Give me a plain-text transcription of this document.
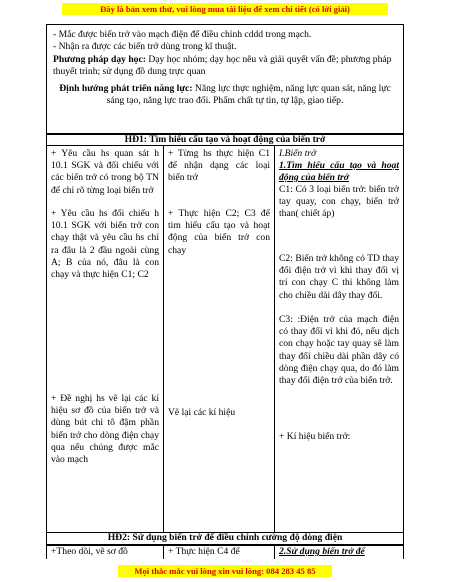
Đây là bản xem thử, vui lòng mua tài liệu để xem chi tiết (có lời giải)

- Mắc được biến trở vào mạch điện để điều chỉnh cddd trong mạch.

- Nhận ra được các biến trở dùng trong kĩ thuật.

Phương pháp dạy học: Dạy học nhóm; dạy học nêu và giải quyết vấn đề; phương pháp thuyết trình; sử dụng đồ dung trực quan

Định hướng phát triển năng lực: Năng lực thực nghiệm, năng lực quan sát, năng lực sáng tạo, năng lực trao đổi. Phẩm chất tự tin, tự lập, giao tiếp.

HĐ1: Tìm hiểu cấu tạo và hoạt động của biến trở
+ Yêu cầu hs quan sát h 10.1 SGK và đối chiếu với các biến trở có trong bộ TN để chỉ rõ từng loại biến trở
+ Yêu cầu hs đối chiếu h 10.1 SGK với biến trở con chạy thật và yêu cầu hs chỉ ra đâu là 2 đầu ngoài cùng A; B của nó, đâu là con chạy và thực hiện C1; C2
+ Đề nghị hs vẽ lại các kí hiệu sơ đồ của biến trở và dùng bút chì tô đậm phần biến trở cho dòng điện chạy qua nếu chúng được mắc vào mạch
+ Từng hs thực hiện C1 để nhận dạng các loại biến trở
+ Thực hiện C2; C3 để tìm hiểu cấu tạo và hoạt động của biến trở con chạy
Vẽ lại các kí hiệu
I.Biến trở
1.Tìm hiểu cấu tạo và hoạt động của biến trở
C1: Có 3 loại biến trở: biến trở tay quay, con chạy, biến trở than( chiết áp)
C2: Biến trở không có TD thay đổi điện trở vì khi thay đổi vị trí con chạy C thì không làm cho chiều dài dây thay đổi.
C3: :Điện trở của mạch điện có thay đổi vì khi đó, nếu dịch con chạy hoặc tay quay sẽ làm thay đổi chiều dài phần dây có dòng điện chạy qua, do đó làm thay đổi điện trở của biến trở.
+ Kí hiệu biến trở:
HĐ2: Sử dụng biến trở để điều chỉnh cường độ dòng điện
+Theo dõi, vẽ sơ đồ	+ Thực hiện C4 để	2.Sử dụng biến trở để
Mọi thắc mắc vui lòng xin vui lòng: 084 283 45 85
